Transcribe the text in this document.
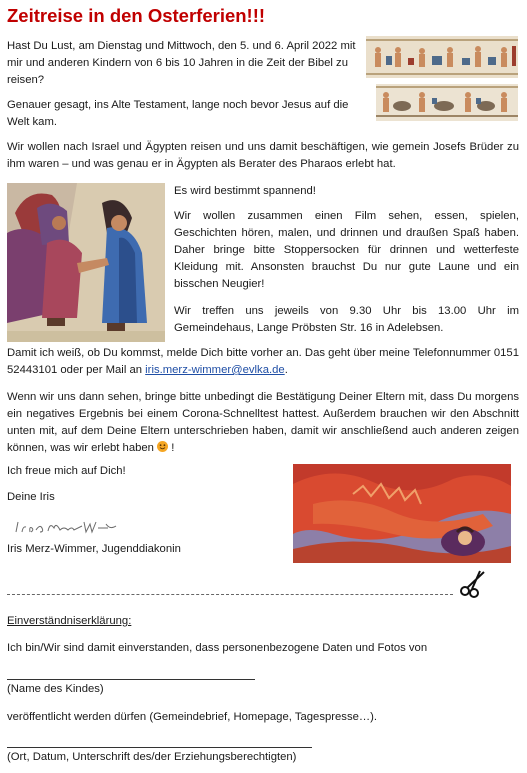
Zeitreise in den Osterferien!!!

Hast Du Lust, am Dienstag und Mittwoch, den 5. und 6. April 2022 mit mir und anderen Kindern von 6 bis 10 Jahren in die Zeit der Bibel zu reisen?

Genauer gesagt, ins Alte Testament, lange noch bevor Jesus auf die Welt kam.

Wir wollen nach Israel und Ägypten reisen und uns damit beschäftigen, wie gemein Josefs Brüder zu ihm waren – und was genau er in Ägypten als Berater des Pharaos erlebt hat.

Es wird bestimmt spannend!

Wir wollen zusammen einen Film sehen, essen, spielen, Geschichten hören, malen, und drinnen und draußen Spaß haben. Daher bringe bitte Stoppersocken für drinnen und wetterfeste Kleidung mit. Ansonsten brauchst Du nur gute Laune und ein bisschen Neugier!

Wir treffen uns jeweils von 9.30 Uhr bis 13.00 Uhr im Gemeindehaus, Lange Pröbsten Str. 16 in Adelebsen.

Damit ich weiß, ob Du kommst, melde Dich bitte vorher an. Das geht über meine Telefonnummer 0151 52443101 oder per Mail an iris.merz-wimmer@evlka.de.

Wenn wir uns dann sehen, bringe bitte unbedingt die Bestätigung Deiner Eltern mit, dass Du morgens ein negatives Ergebnis bei einem Corona-Schnelltest hattest. Außerdem brauchen wir den Abschnitt unten mit, auf dem Deine Eltern unterschrieben haben, damit wir anschließend auch anderen zeigen können, was wir erlebt haben
!

Ich freue mich auf Dich!

Deine Iris

Iris Merz-Wimmer, Jugenddiakonin

Einverständniserklärung:

Ich bin/Wir sind damit einverstanden, dass personenbezogene Daten und Fotos von

(Name des Kindes)

veröffentlicht werden dürfen (Gemeindebrief, Homepage, Tagespresse…).

(Ort, Datum, Unterschrift des/der Erziehungsberechtigten)
